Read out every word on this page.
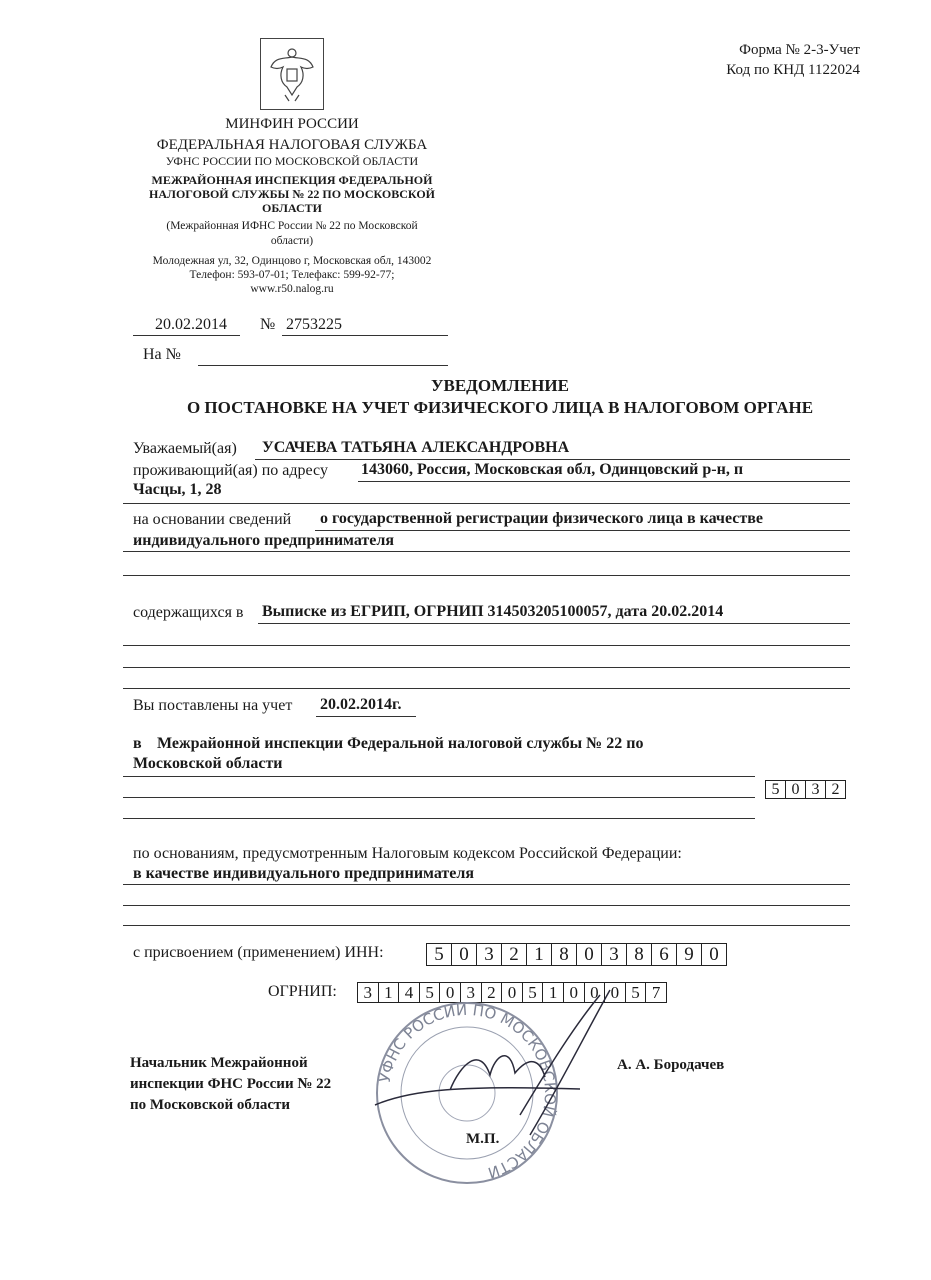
Форма № 2-3-Учет
Код по КНД 1122024
МИНФИН РОССИИ
ФЕДЕРАЛЬНАЯ НАЛОГОВАЯ СЛУЖБА
УФНС РОССИИ ПО МОСКОВСКОЙ ОБЛАСТИ
МЕЖРАЙОННАЯ ИНСПЕКЦИЯ ФЕДЕРАЛЬНОЙ
НАЛОГОВОЙ СЛУЖБЫ № 22 ПО МОСКОВСКОЙ
ОБЛАСТИ
(Межрайонная ИФНС России № 22 по Московской
области)
Молодежная ул, 32, Одинцово г, Московская обл, 143002
Телефон: 593-07-01; Телефакс: 599-92-77;
www.r50.nalog.ru
20.02.2014 № 2753225
На №
УВЕДОМЛЕНИЕ
О ПОСТАНОВКЕ НА УЧЕТ ФИЗИЧЕСКОГО ЛИЦА В НАЛОГОВОМ ОРГАНЕ
Уважаемый(ая) УСАЧЕВА ТАТЬЯНА АЛЕКСАНДРОВНА
проживающий(ая) по адресу 143060, Россия, Московская обл, Одинцовский р-н, п
Часцы, 1, 28
на основании сведений о государственной регистрации физического лица в качестве
индивидуального предпринимателя
содержащихся в Выписке из ЕГРИП, ОГРНИП 314503205100057, дата 20.02.2014
Вы поставлены на учет 20.02.2014г.
в Межрайонной инспекции Федеральной налоговой службы № 22 по
Московской области
5 0 3 2
по основаниям, предусмотренным Налоговым кодексом Российской Федерации:
в качестве индивидуального предпринимателя
с присвоением (применением) ИНН:	5 0 3 2 1 8 0 3 8 6 9 0
ОГРНИП:	3 1 4 5 0 3 2 0 5 1 0 0 0 5 7
УФНС РОССИИ ПО МОСКОВСКОЙ ОБЛАСТИ
Начальник Межрайонной
инспекции ФНС России № 22
по Московской области
А. А. Бородачев
М.П.
